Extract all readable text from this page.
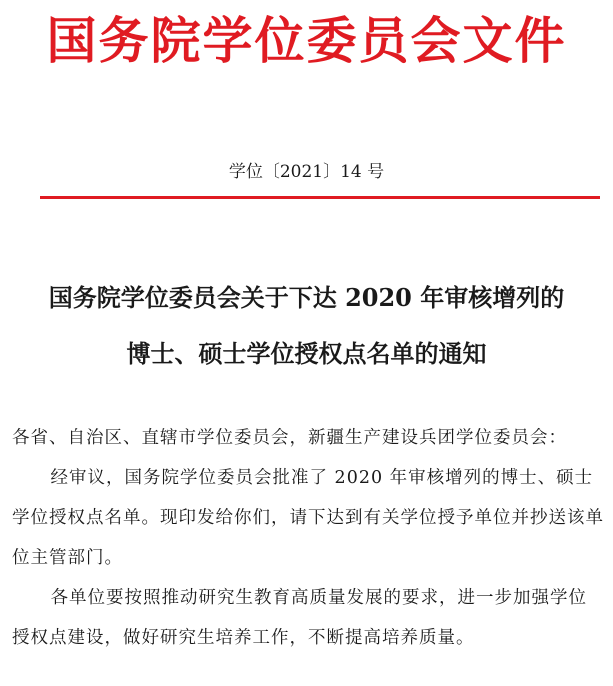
国务院学位委员会文件
学位〔2021〕14 号
国务院学位委员会关于下达 2020 年审核增列的
博士、硕士学位授权点名单的通知

各省、自治区、直辖市学位委员会，新疆生产建设兵团学位委员会：

经审议，国务院学位委员会批准了 2020 年审核增列的博士、硕士学位授权点名单。现印发给你们，请下达到有关学位授予单位并抄送该单位主管部门。

各单位要按照推动研究生教育高质量发展的要求，进一步加强学位授权点建设，做好研究生培养工作，不断提高培养质量。
